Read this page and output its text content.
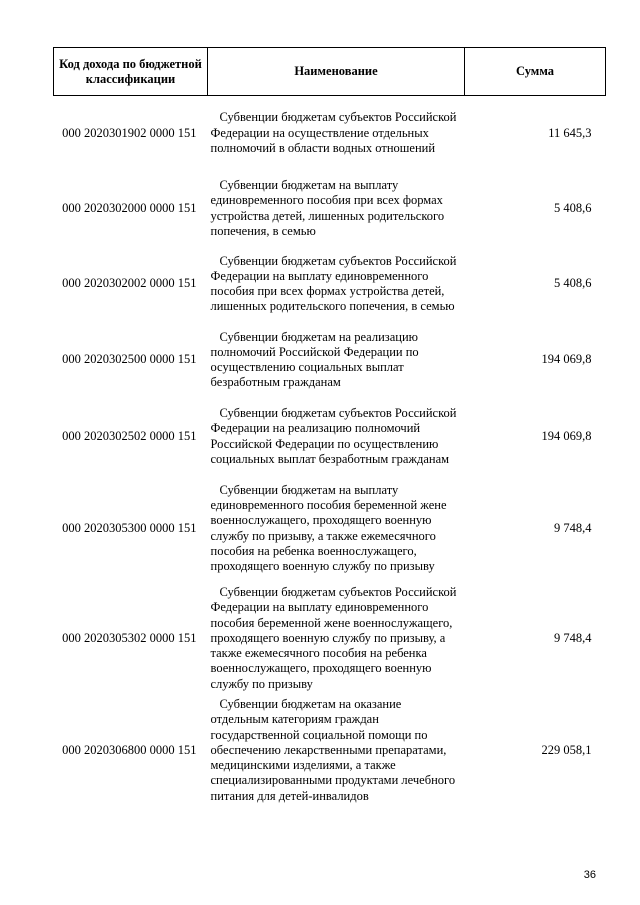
Код дохода по бюджетной классификации	Наименование	Сумма
000 2020301902 0000 151	Субвенции бюджетам субъектов Российской Федерации на осуществление отдельных полномочий в области водных отношений	11 645,3
000 2020302000 0000 151	Субвенции бюджетам на выплату единовременного пособия при всех формах устройства детей, лишенных родительского попечения, в семью	5 408,6
000 2020302002 0000 151	Субвенции бюджетам субъектов Российской Федерации на выплату единовременного пособия при всех формах устройства детей, лишенных родительского попечения, в семью	5 408,6
000 2020302500 0000 151	Субвенции бюджетам на реализацию полномочий Российской Федерации по осуществлению социальных выплат безработным гражданам	194 069,8
000 2020302502 0000 151	Субвенции бюджетам субъектов Российской Федерации на реализацию полномочий Российской Федерации по осуществлению социальных выплат безработным гражданам	194 069,8
000 2020305300 0000 151	Субвенции бюджетам на выплату единовременного пособия беременной жене военнослужащего, проходящего военную службу по призыву, а также ежемесячного пособия на ребенка военнослужащего, проходящего военную службу по призыву	9 748,4
000 2020305302 0000 151	Субвенции бюджетам субъектов Российской Федерации на выплату единовременного пособия беременной жене военнослужащего, проходящего военную службу по призыву, а также ежемесячного пособия на ребенка военнослужащего, проходящего военную службу по призыву	9 748,4
000 2020306800 0000 151	Субвенции бюджетам на оказание отдельным категориям граждан государственной социальной помощи по обеспечению лекарственными препаратами, медицинскими изделиями, а также специализированными продуктами лечебного питания для детей-инвалидов	229 058,1
36
